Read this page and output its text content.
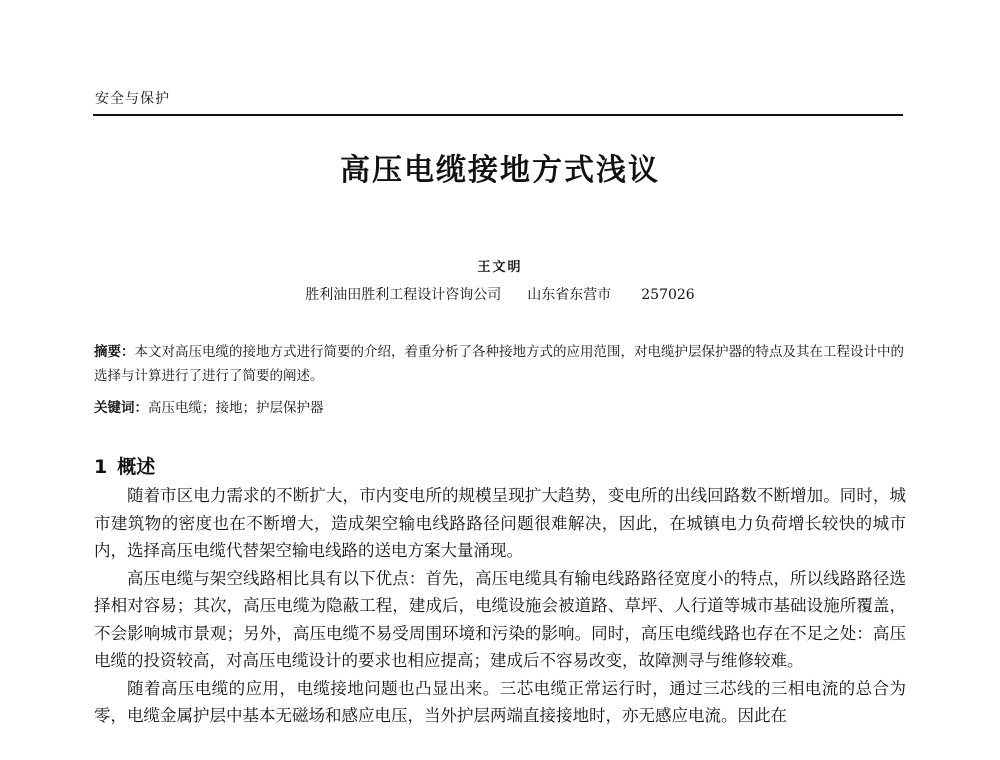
安全与保护
高压电缆接地方式浅议
王文明
胜利油田胜利工程设计咨询公司 山东省东营市 257026
摘要：本文对高压电缆的接地方式进行简要的介绍，着重分析了各种接地方式的应用范围，对电缆护层保护器的特点及其在工程设计中的选择与计算进行了进行了简要的阐述。
关键词：高压电缆；接地；护层保护器
1 概述

随着市区电力需求的不断扩大，市内变电所的规模呈现扩大趋势，变电所的出线回路数不断增加。同时，城市建筑物的密度也在不断增大，造成架空输电线路路径问题很难解决，因此，在城镇电力负荷增长较快的城市内，选择高压电缆代替架空输电线路的送电方案大量涌现。

高压电缆与架空线路相比具有以下优点：首先，高压电缆具有输电线路路径宽度小的特点，所以线路路径选择相对容易；其次，高压电缆为隐蔽工程，建成后，电缆设施会被道路、草坪、人行道等城市基础设施所覆盖，不会影响城市景观；另外，高压电缆不易受周围环境和污染的影响。同时，高压电缆线路也存在不足之处：高压电缆的投资较高，对高压电缆设计的要求也相应提高；建成后不容易改变，故障测寻与维修较难。

随着高压电缆的应用，电缆接地问题也凸显出来。三芯电缆正常运行时，通过三芯线的三相电流的总合为零，电缆金属护层中基本无磁场和感应电压，当外护层两端直接接地时，亦无感应电流。因此在
